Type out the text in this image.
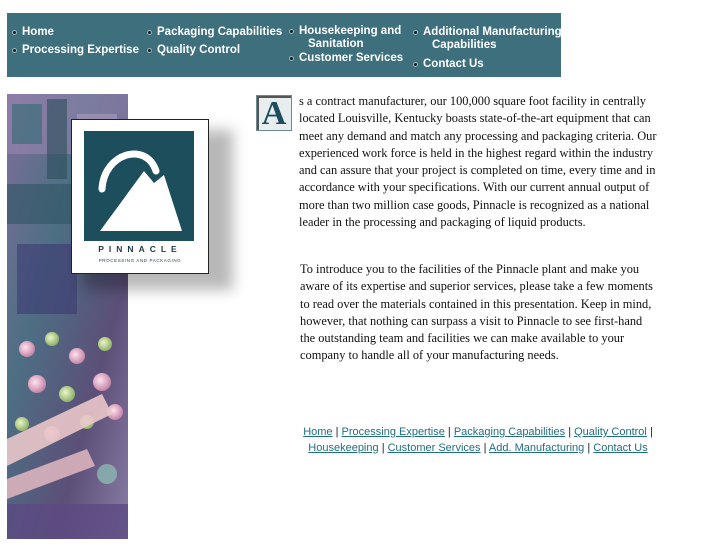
Home
Processing Expertise
Packaging Capabilities
Quality Control
Housekeeping and
Sanitation
Customer Services
Additional Manufacturing
Capabilities
Contact Us
PINNACLE
PROCESSING AND PACKAGING
A	s a contract manufacturer, our 100,000 square foot facility in centrally located Louisville, Kentucky boasts state-of-the-art equipment that can meet any demand and match any processing and packaging criteria. Our experienced work force is held in the highest regard within the industry and can assure that your project is completed on time, every time and in accordance with your specifications. With our current annual output of more than two million case goods, Pinnacle is recognized as a national leader in the processing and packaging of liquid products.
To introduce you to the facilities of the Pinnacle plant and make you aware of its expertise and superior services, please take a few moments to read over the materials contained in this presentation. Keep in mind, however, that nothing can surpass a visit to Pinnacle to see first-hand the outstanding team and facilities we can make available to your company to handle all of your manufacturing needs.
Home | Processing Expertise | Packaging Capabilities | Quality Control |
Housekeeping | Customer Services | Add. Manufacturing | Contact Us
